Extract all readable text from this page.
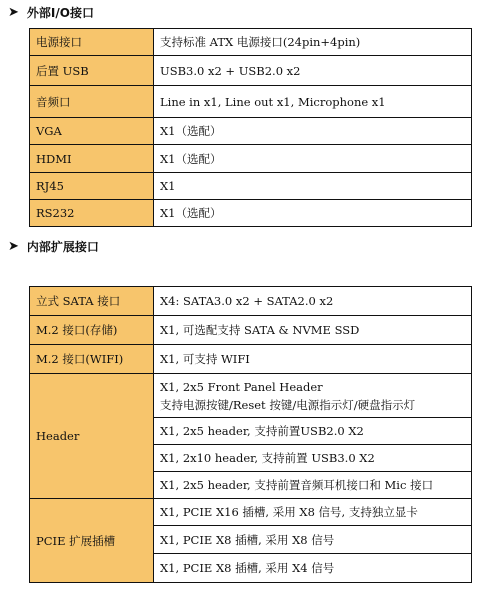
➤ 外部I/O接口
电源接口	支持标准 ATX 电源接口(24pin+4pin)
后置 USB	USB3.0 x2 + USB2.0 x2
音频口	Line in x1, Line out x1, Microphone x1
VGA	X1（选配）
HDMI	X1（选配）
RJ45	X1
RS232	X1（选配）
➤ 内部扩展接口
立式 SATA 接口	X4: SATA3.0 x2 + SATA2.0 x2
M.2 接口(存储)	X1, 可选配支持 SATA & NVME SSD
M.2 接口(WIFI)	X1, 可支持 WIFI
Header	X1, 2x5 Front Panel Header
支持电源按键/Reset 按键/电源指示灯/硬盘指示灯

	X1, 2x5 header, 支持前置USB2.0 X2
	X1, 2x10 header, 支持前置 USB3.0 X2
	X1, 2x5 header, 支持前置音频耳机接口和 Mic 接口
PCIE 扩展插槽	X1, PCIE X16 插槽, 采用 X8 信号, 支持独立显卡
	X1, PCIE X8 插槽, 采用 X8 信号
	X1, PCIE X8 插槽, 采用 X4 信号
